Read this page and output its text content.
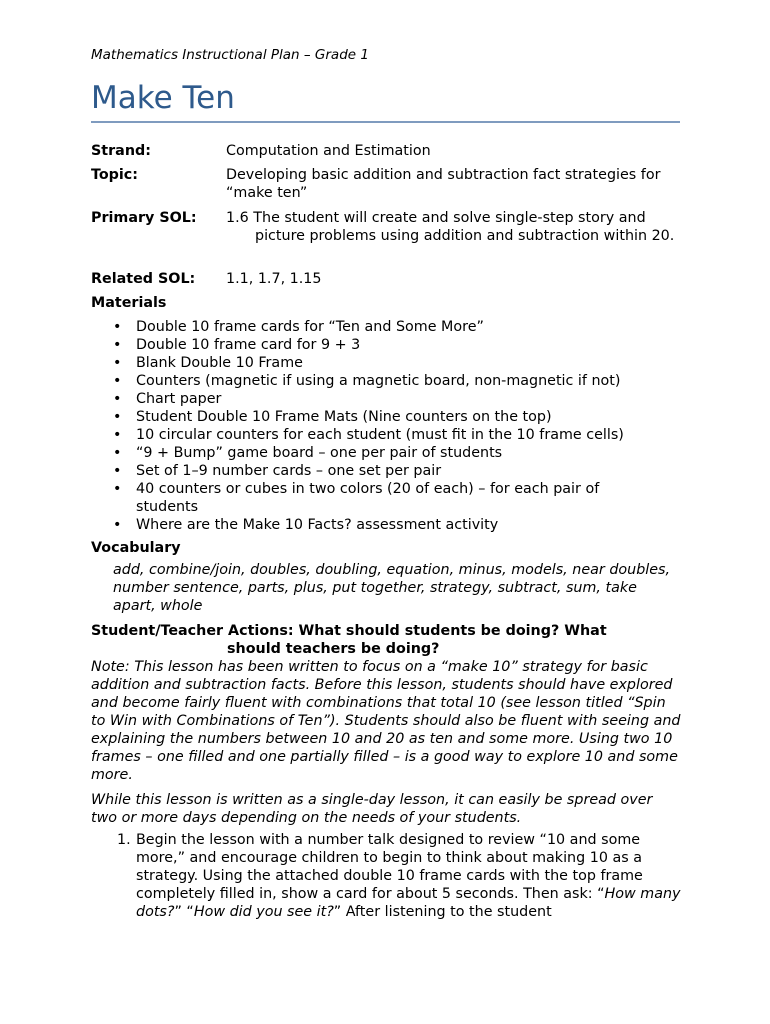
Mathematics Instructional Plan – Grade 1
Make Ten
Strand:	Computation and Estimation
Topic:	Developing basic addition and subtraction fact strategies for “make ten”
Primary SOL: 1.6 The student will create and solve single-step story and picture problems using addition and subtraction within 20.
Related SOL: 1.1, 1.7, 1.15
Materials
• Double 10 frame cards for “Ten and Some More”
• Double 10 frame card for 9 + 3
• Blank Double 10 Frame
• Counters (magnetic if using a magnetic board, non-magnetic if not)
• Chart paper
• Student Double 10 Frame Mats (Nine counters on the top)
• 10 circular counters for each student (must fit in the 10 frame cells)
• “9 + Bump” game board – one per pair of students
• Set of 1–9 number cards – one set per pair
• 40 counters or cubes in two colors (20 of each) – for each pair of students
• Where are the Make 10 Facts? assessment activity
Vocabulary
add, combine/join, doubles, doubling, equation, minus, models, near doubles, number sentence, parts, plus, put together, strategy, subtract, sum, take apart, whole
Student/Teacher Actions: What should students be doing? What
should teachers be doing?
Note: This lesson has been written to focus on a “make 10” strategy for basic addition and subtraction facts. Before this lesson, students should have explored and become fairly fluent with combinations that total 10 (see lesson titled “Spin to Win with Combinations of Ten”). Students should also be fluent with seeing and explaining the numbers between 10 and 20 as ten and some more. Using two 10 frames – one filled and one partially filled – is a good way to explore 10 and some more.
While this lesson is written as a single-day lesson, it can easily be spread over two or more days depending on the needs of your students.
1. Begin the lesson with a number talk designed to review “10 and some more,” and encourage children to begin to think about making 10 as a strategy. Using the attached double 10 frame cards with the top frame completely filled in, show a card for about 5 seconds. Then ask: “How many dots?” “How did you see it?” After listening to the student
